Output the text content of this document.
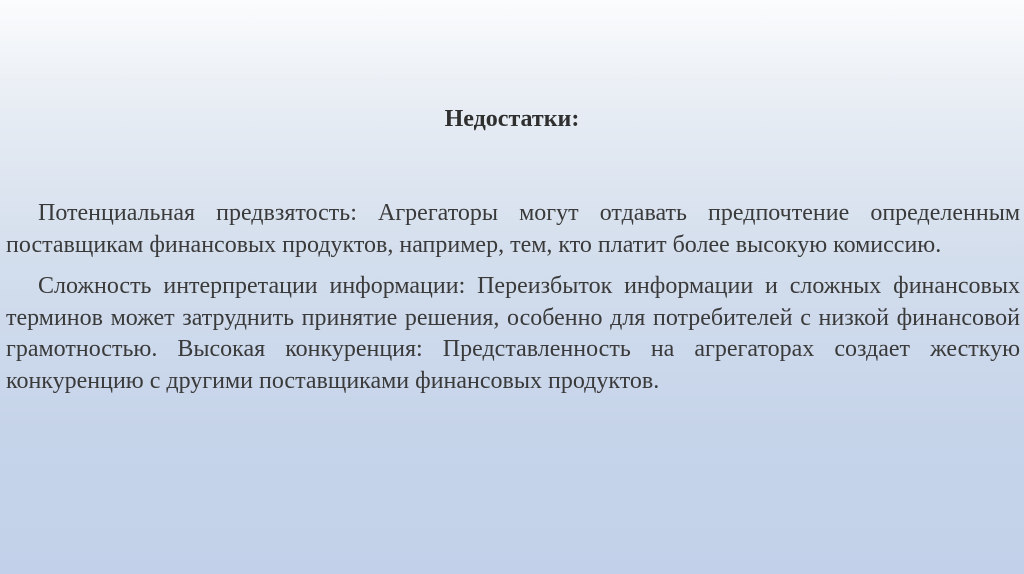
Недостатки:

Потенциальная предвзятость: Агрегаторы могут отдавать предпочтение определенным поставщикам финансовых продуктов, например, тем, кто платит более высокую комиссию.

Сложность интерпретации информации: Переизбыток информации и сложных финансовых терминов может затруднить принятие решения, особенно для потребителей с низкой финансовой грамотностью. Высокая конкуренция: Представленность на агрегаторах создает жесткую конкуренцию с другими поставщиками финансовых продуктов.
